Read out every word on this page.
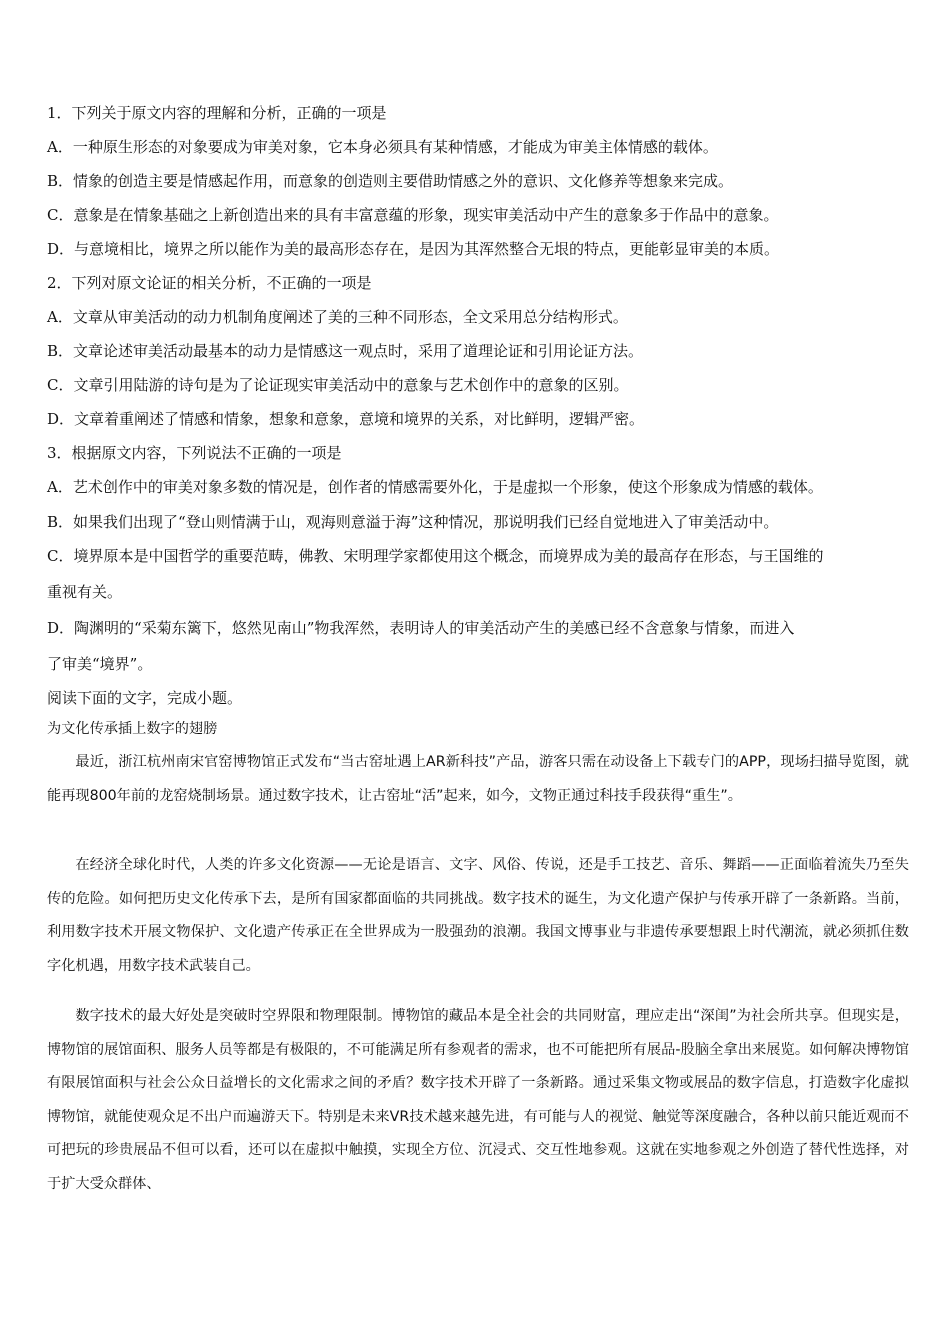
1．下列关于原文内容的理解和分析，正确的一项是
A．一种原生形态的对象要成为审美对象，它本身必须具有某种情感，才能成为审美主体情感的载体。
B．情象的创造主要是情感起作用，而意象的创造则主要借助情感之外的意识、文化修养等想象来完成。
C．意象是在情象基础之上新创造出来的具有丰富意蕴的形象，现实审美活动中产生的意象多于作品中的意象。
D．与意境相比，境界之所以能作为美的最高形态存在，是因为其浑然整合无垠的特点，更能彰显审美的本质。
2．下列对原文论证的相关分析，不正确的一项是
A．文章从审美活动的动力机制角度阐述了美的三种不同形态，全文采用总分结构形式。
B．文章论述审美活动最基本的动力是情感这一观点时，采用了道理论证和引用论证方法。
C．文章引用陆游的诗句是为了论证现实审美活动中的意象与艺术创作中的意象的区别。
D．文章着重阐述了情感和情象，想象和意象，意境和境界的关系，对比鲜明，逻辑严密。
3．根据原文内容，下列说法不正确的一项是
A．艺术创作中的审美对象多数的情况是，创作者的情感需要外化，于是虚拟一个形象，使这个形象成为情感的载体。
B．如果我们出现了“登山则情满于山，观海则意溢于海”这种情况，那说明我们已经自觉地进入了审美活动中。
C．境界原本是中国哲学的重要范畴，佛教、宋明理学家都使用这个概念，而境界成为美的最高存在形态，与王国维的
重视有关。
D．陶渊明的“采菊东篱下，悠然见南山”物我浑然，表明诗人的审美活动产生的美感已经不含意象与情象，而进入
了审美“境界”。
阅读下面的文字，完成小题。
为文化传承插上数字的翅膀
最近，浙江杭州南宋官窑博物馆正式发布“当古窑址遇上AR新科技”产品，游客只需在动设备上下载专门的APP，现场扫描导览图，就能再现800年前的龙窑烧制场景。通过数字技术，让古窑址“活”起来，如今，文物正通过科技手段获得“重生”。
在经济全球化时代，人类的许多文化资源——无论是语言、文字、风俗、传说，还是手工技艺、音乐、舞蹈——正面临着流失乃至失传的危险。如何把历史文化传承下去，是所有国家都面临的共同挑战。数字技术的诞生，为文化遗产保护与传承开辟了一条新路。当前，利用数字技术开展文物保护、文化遗产传承正在全世界成为一股强劲的浪潮。我国文博事业与非遗传承要想跟上时代潮流，就必须抓住数字化机遇，用数字技术武装自己。
数字技术的最大好处是突破时空界限和物理限制。博物馆的藏品本是全社会的共同财富，理应走出“深闺”为社会所共享。但现实是，博物馆的展馆面积、服务人员等都是有极限的，不可能满足所有参观者的需求，也不可能把所有展品-股脑全拿出来展览。如何解决博物馆有限展馆面积与社会公众日益增长的文化需求之间的矛盾？数字技术开辟了一条新路。通过采集文物或展品的数字信息，打造数字化虚拟博物馆，就能使观众足不出户而遍游天下。特别是未来VR技术越来越先进，有可能与人的视觉、触觉等深度融合，各种以前只能近观而不可把玩的珍贵展品不但可以看，还可以在虚拟中触摸，实现全方位、沉浸式、交互性地参观。这就在实地参观之外创造了替代性选择，对于扩大受众群体、
